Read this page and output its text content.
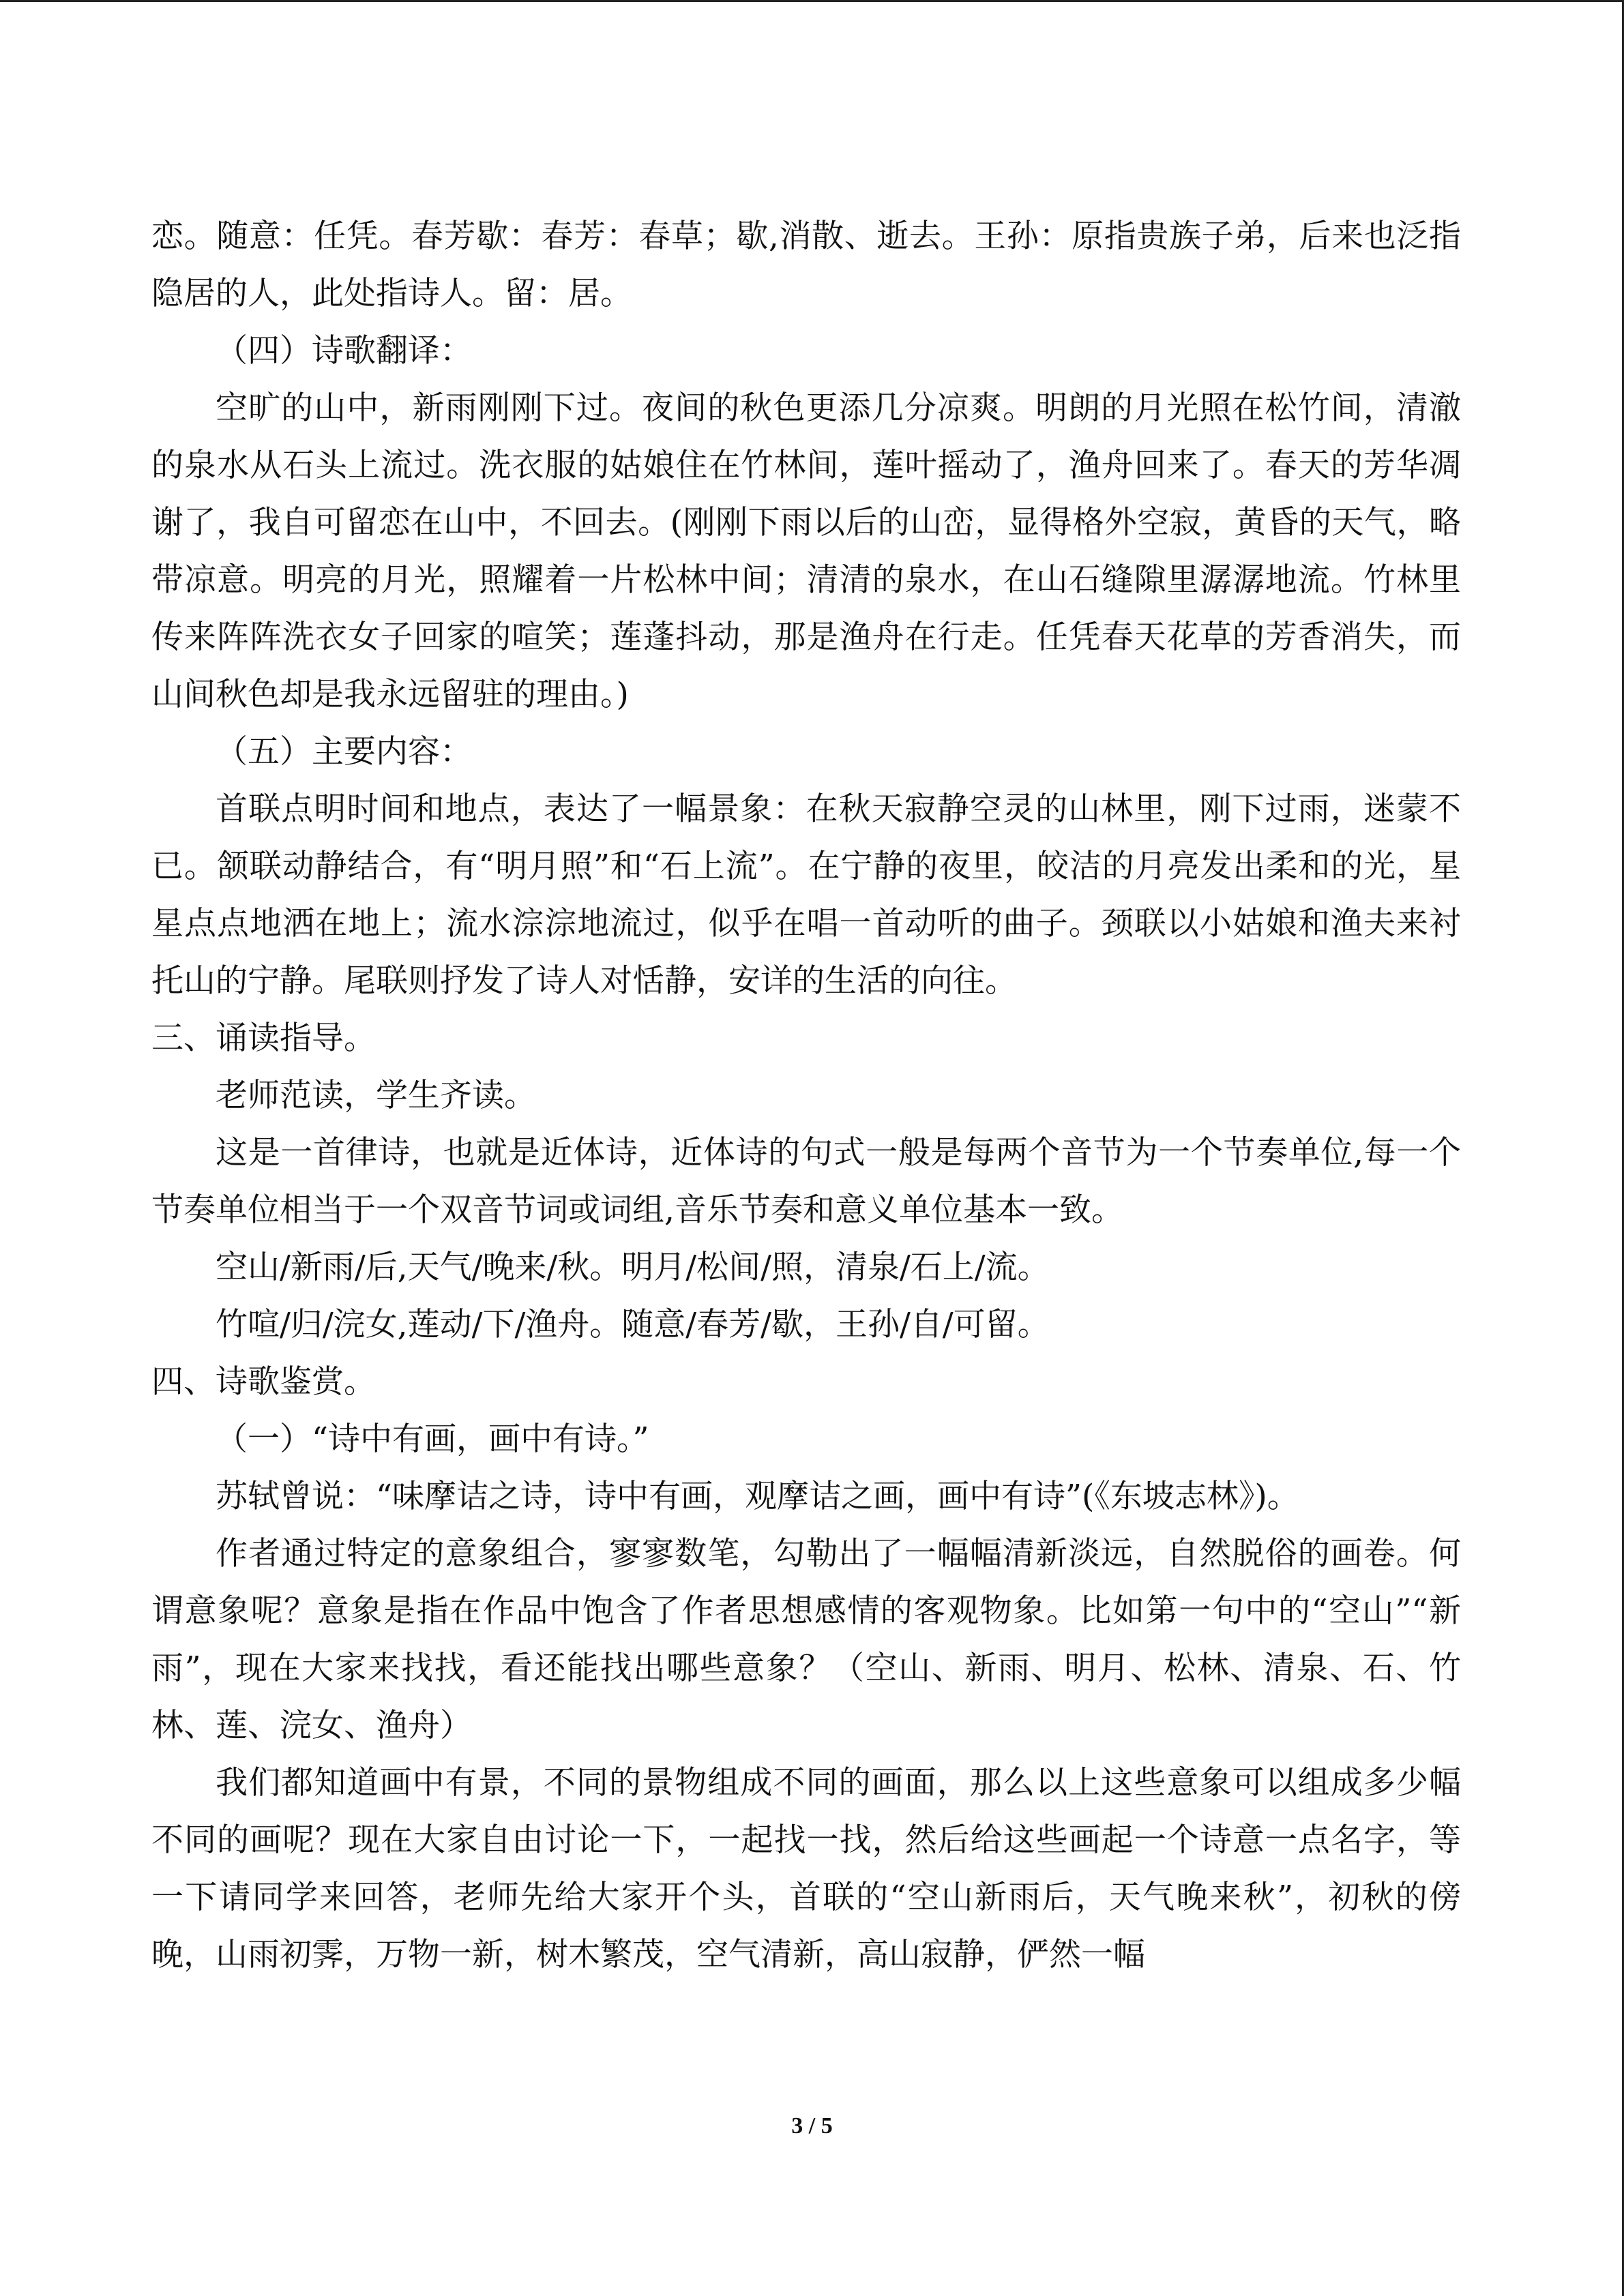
恋。随意：任凭。春芳歇：春芳：春草；歇,消散、逝去。王孙：原指贵族子弟，后来也泛指隐居的人，此处指诗人。留：居。

（四）诗歌翻译：

空旷的山中，新雨刚刚下过。夜间的秋色更添几分凉爽。明朗的月光照在松竹间，清澈的泉水从石头上流过。洗衣服的姑娘住在竹林间，莲叶摇动了，渔舟回来了。春天的芳华凋谢了，我自可留恋在山中，不回去。(刚刚下雨以后的山峦，显得格外空寂，黄昏的天气，略带凉意。明亮的月光，照耀着一片松林中间；清清的泉水，在山石缝隙里潺潺地流。竹林里传来阵阵洗衣女子回家的喧笑；莲蓬抖动，那是渔舟在行走。任凭春天花草的芳香消失，而山间秋色却是我永远留驻的理由。)

（五）主要内容：

首联点明时间和地点，表达了一幅景象：在秋天寂静空灵的山林里，刚下过雨，迷蒙不已。颔联动静结合，有“明月照”和“石上流”。在宁静的夜里，皎洁的月亮发出柔和的光，星星点点地洒在地上；流水淙淙地流过，似乎在唱一首动听的曲子。颈联以小姑娘和渔夫来衬托山的宁静。尾联则抒发了诗人对恬静，安详的生活的向往。

三、诵读指导。

老师范读，学生齐读。

这是一首律诗，也就是近体诗，近体诗的句式一般是每两个音节为一个节奏单位,每一个节奏单位相当于一个双音节词或词组,音乐节奏和意义单位基本一致。

空山/新雨/后,天气/晚来/秋。明月/松间/照，清泉/石上/流。

竹喧/归/浣女,莲动/下/渔舟。随意/春芳/歇，王孙/自/可留。

四、诗歌鉴赏。

（一）“诗中有画，画中有诗。”

苏轼曾说：“味摩诘之诗，诗中有画，观摩诘之画，画中有诗”(《东坡志林》)。

作者通过特定的意象组合，寥寥数笔，勾勒出了一幅幅清新淡远，自然脱俗的画卷。何谓意象呢？意象是指在作品中饱含了作者思想感情的客观物象。比如第一句中的“空山”“新雨”，现在大家来找找，看还能找出哪些意象？（空山、新雨、明月、松林、清泉、石、竹林、莲、浣女、渔舟）

我们都知道画中有景，不同的景物组成不同的画面，那么以上这些意象可以组成多少幅不同的画呢？现在大家自由讨论一下，一起找一找，然后给这些画起一个诗意一点名字，等一下请同学来回答，老师先给大家开个头，首联的“空山新雨后，天气晚来秋”，初秋的傍晚，山雨初霁，万物一新，树木繁茂，空气清新，高山寂静，俨然一幅

3 / 5
